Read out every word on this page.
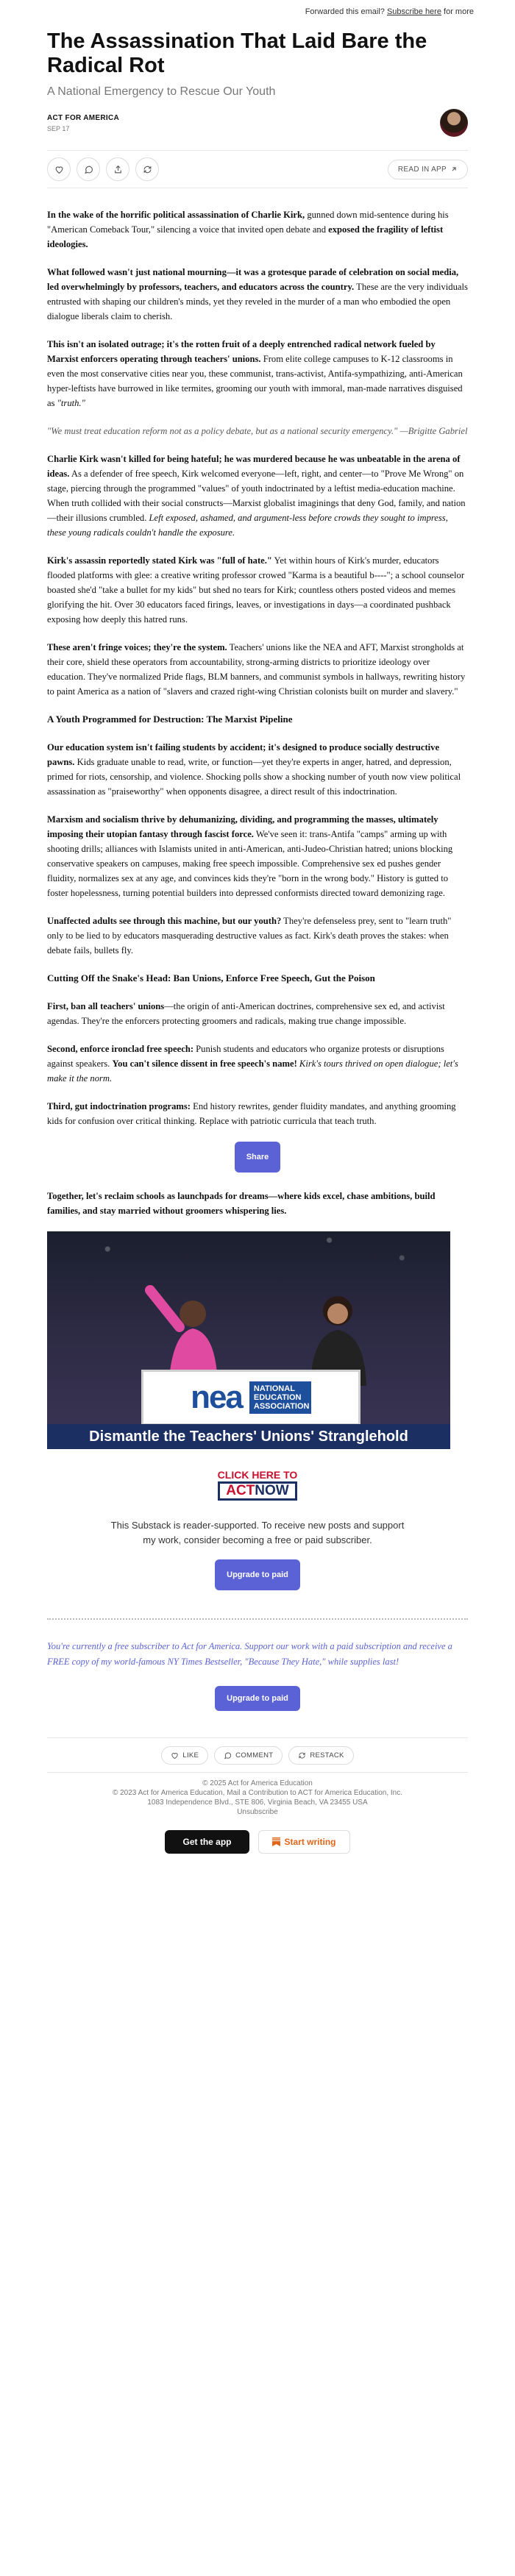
Forwarded this email? Subscribe here for more
The Assassination That Laid Bare the Radical Rot
A National Emergency to Rescue Our Youth
ACT FOR AMERICA
SEP 17
READ IN APP

In the wake of the horrific political assassination of Charlie Kirk, gunned down mid-sentence during his "American Comeback Tour," silencing a voice that invited open debate and exposed the fragility of leftist ideologies.

What followed wasn't just national mourning—it was a grotesque parade of celebration on social media, led overwhelmingly by professors, teachers, and educators across the country. These are the very individuals entrusted with shaping our children's minds, yet they reveled in the murder of a man who embodied the open dialogue liberals claim to cherish.

This isn't an isolated outrage; it's the rotten fruit of a deeply entrenched radical network fueled by Marxist enforcers operating through teachers' unions. From elite college campuses to K-12 classrooms in even the most conservative cities near you, these communist, trans-activist, Antifa-sympathizing, anti-American hyper-leftists have burrowed in like termites, grooming our youth with immoral, man-made narratives disguised as "truth."

"We must treat education reform not as a policy debate, but as a national security emergency." —Brigitte Gabriel

Charlie Kirk wasn't killed for being hateful; he was murdered because he was unbeatable in the arena of ideas. As a defender of free speech, Kirk welcomed everyone—left, right, and center—to "Prove Me Wrong" on stage, piercing through the programmed "values" of youth indoctrinated by a leftist media-education machine. When truth collided with their social constructs—Marxist globalist imaginings that deny God, family, and nation—their illusions crumbled. Left exposed, ashamed, and argument-less before crowds they sought to impress, these young radicals couldn't handle the exposure.

Kirk's assassin reportedly stated Kirk was "full of hate." Yet within hours of Kirk's murder, educators flooded platforms with glee: a creative writing professor crowed "Karma is a beautiful b----"; a school counselor boasted she'd "take a bullet for my kids" but shed no tears for Kirk; countless others posted videos and memes glorifying the hit. Over 30 educators faced firings, leaves, or investigations in days—a coordinated pushback exposing how deeply this hatred runs.

These aren't fringe voices; they're the system. Teachers' unions like the NEA and AFT, Marxist strongholds at their core, shield these operators from accountability, strong-arming districts to prioritize ideology over education. They've normalized Pride flags, BLM banners, and communist symbols in hallways, rewriting history to paint America as a nation of "slavers and crazed right-wing Christian colonists built on murder and slavery."

A Youth Programmed for Destruction: The Marxist Pipeline

Our education system isn't failing students by accident; it's designed to produce socially destructive pawns. Kids graduate unable to read, write, or function—yet they're experts in anger, hatred, and depression, primed for riots, censorship, and violence. Shocking polls show a shocking number of youth now view political assassination as "praiseworthy" when opponents disagree, a direct result of this indoctrination.

Marxism and socialism thrive by dehumanizing, dividing, and programming the masses, ultimately imposing their utopian fantasy through fascist force. We've seen it: trans-Antifa "camps" arming up with shooting drills; alliances with Islamists united in anti-American, anti-Judeo-Christian hatred; unions blocking conservative speakers on campuses, making free speech impossible. Comprehensive sex ed pushes gender fluidity, normalizes sex at any age, and convinces kids they're "born in the wrong body." History is gutted to foster hopelessness, turning potential builders into depressed conformists directed toward demonizing rage.

Unaffected adults see through this machine, but our youth? They're defenseless prey, sent to "learn truth" only to be lied to by educators masquerading destructive values as fact. Kirk's death proves the stakes: when debate fails, bullets fly.

Cutting Off the Snake's Head: Ban Unions, Enforce Free Speech, Gut the Poison

First, ban all teachers' unions—the origin of anti-American doctrines, comprehensive sex ed, and activist agendas. They're the enforcers protecting groomers and radicals, making true change impossible.

Second, enforce ironclad free speech: Punish students and educators who organize protests or disruptions against speakers. You can't silence dissent in free speech's name! Kirk's tours thrived on open dialogue; let's make it the norm.

Third, gut indoctrination programs: End history rewrites, gender fluidity mandates, and anything grooming kids for confusion over critical thinking. Replace with patriotic curricula that teach truth.

Share

Together, let's reclaim schools as launchpads for dreams—where kids excel, chase ambitions, build families, and stay married without groomers whispering lies.

nea	NATIONAL EDUCATION ASSOCIATION
Dismantle the Teachers' Unions' Stranglehold
CLICK HERE TO
ACTNOW

This Substack is reader-supported. To receive new posts and support my work, consider becoming a free or paid subscriber.

Upgrade to paid

You're currently a free subscriber to Act for America. Support our work with a paid subscription and receive a FREE copy of my world-famous NY Times Bestseller, "Because They Hate," while supplies last!

Upgrade to paid
LIKE	COMMENT	RESTACK
© 2025 Act for America Education
© 2023 Act for America Education, Mail a Contribution to ACT for America Education, Inc.
1083 Independence Blvd., STE 806, Virginia Beach, VA 23455 USA
Unsubscribe
Get the app	Start writing
